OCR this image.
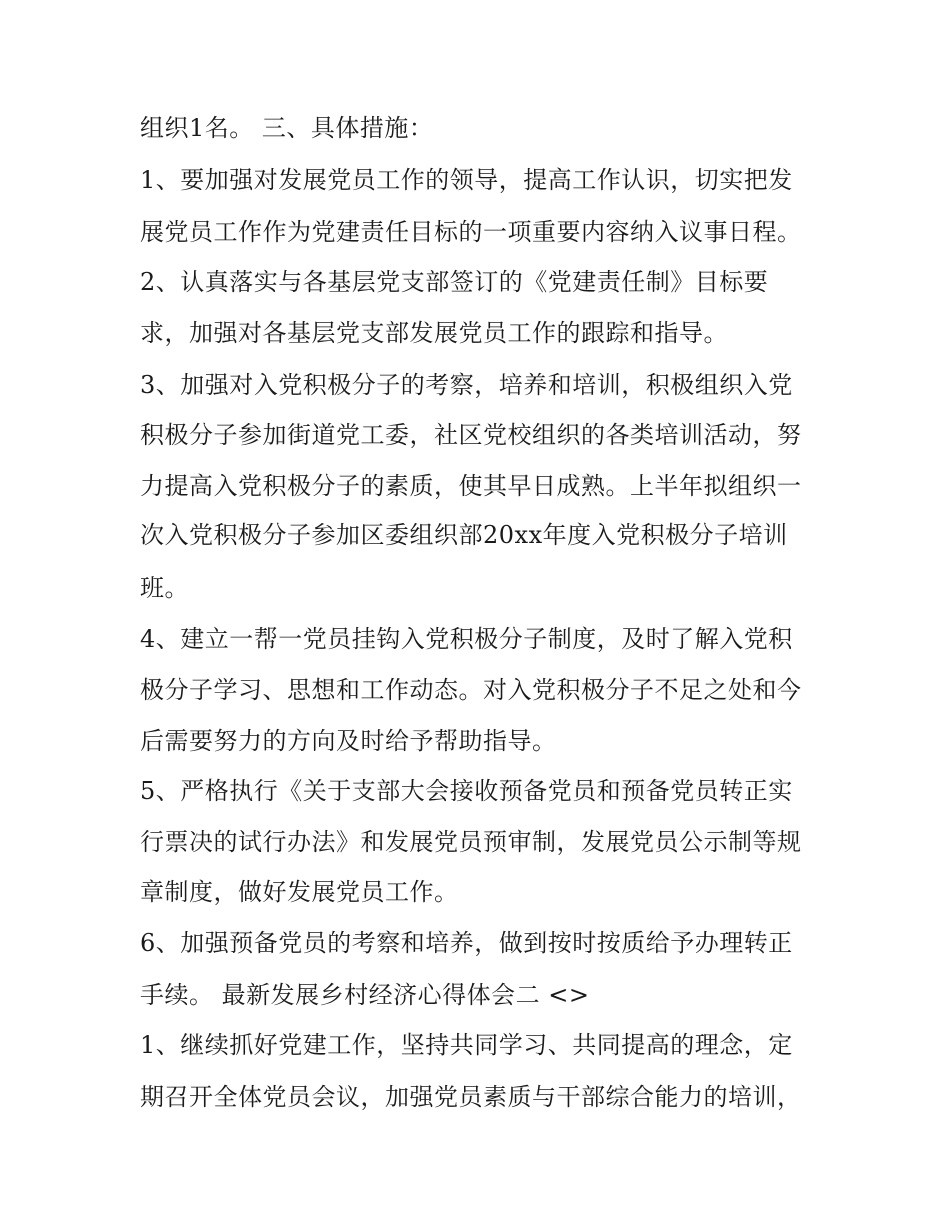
组织1名。 三、具体措施：
1、要加强对发展党员工作的领导，提高工作认识，切实把发
展党员工作作为党建责任目标的一项重要内容纳入议事日程。
2、认真落实与各基层党支部签订的《党建责任制》目标要
求，加强对各基层党支部发展党员工作的跟踪和指导。
3、加强对入党积极分子的考察，培养和培训，积极组织入党
积极分子参加街道党工委，社区党校组织的各类培训活动，努
力提高入党积极分子的素质，使其早日成熟。上半年拟组织一
次入党积极分子参加区委组织部20xx年度入党积极分子培训
班。
4、建立一帮一党员挂钩入党积极分子制度，及时了解入党积
极分子学习、思想和工作动态。对入党积极分子不足之处和今
后需要努力的方向及时给予帮助指导。
5、严格执行《关于支部大会接收预备党员和预备党员转正实
行票决的试行办法》和发展党员预审制，发展党员公示制等规
章制度，做好发展党员工作。
6、加强预备党员的考察和培养，做到按时按质给予办理转正
手续。 最新发展乡村经济心得体会二 <>
1、继续抓好党建工作，坚持共同学习、共同提高的理念，定
期召开全体党员会议，加强党员素质与干部综合能力的培训，
